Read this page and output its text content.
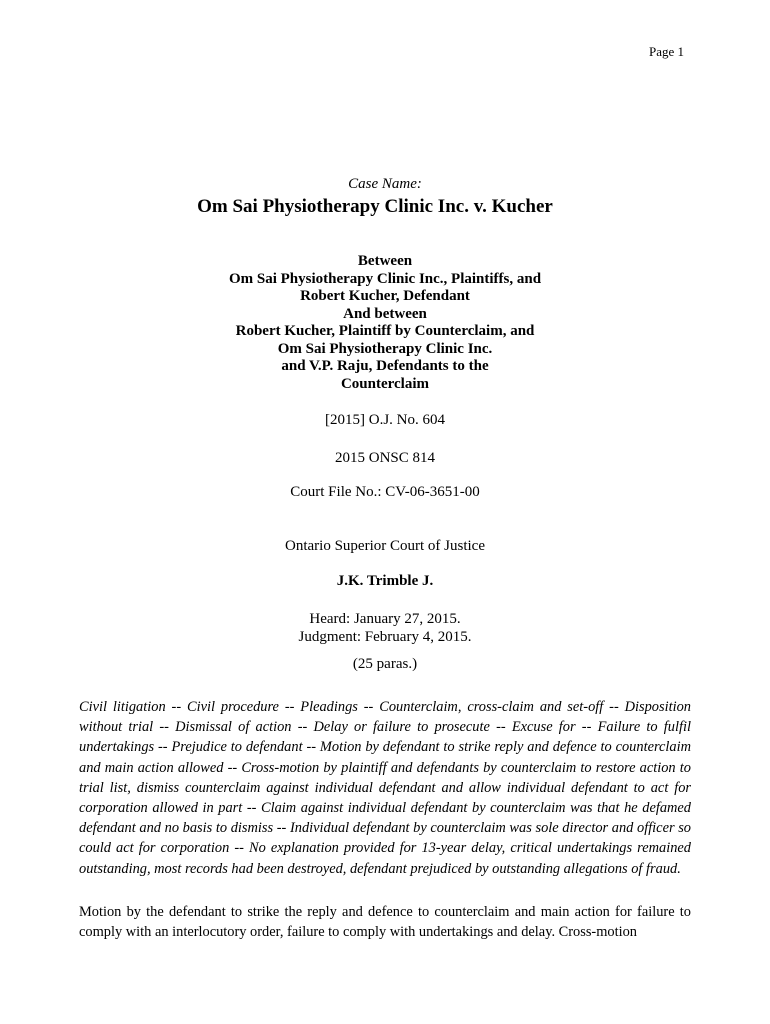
Page 1
Case Name:
Om Sai Physiotherapy Clinic Inc. v. Kucher
Between
Om Sai Physiotherapy Clinic Inc., Plaintiffs, and
Robert Kucher, Defendant
And between
Robert Kucher, Plaintiff by Counterclaim, and
Om Sai Physiotherapy Clinic Inc.
and V.P. Raju, Defendants to the
Counterclaim
[2015] O.J. No. 604
2015 ONSC 814
Court File No.: CV-06-3651-00
Ontario Superior Court of Justice
J.K. Trimble J.
Heard: January 27, 2015.
Judgment: February 4, 2015.
(25 paras.)
Civil litigation -- Civil procedure -- Pleadings -- Counterclaim, cross-claim and set-off -- Disposition without trial -- Dismissal of action -- Delay or failure to prosecute -- Excuse for -- Failure to fulfil undertakings -- Prejudice to defendant -- Motion by defendant to strike reply and defence to counterclaim and main action allowed -- Cross-motion by plaintiff and defendants by counterclaim to restore action to trial list, dismiss counterclaim against individual defendant and allow individual defendant to act for corporation allowed in part -- Claim against individual defendant by counterclaim was that he defamed defendant and no basis to dismiss -- Individual defendant by counterclaim was sole director and officer so could act for corporation -- No explanation provided for 13-year delay, critical undertakings remained outstanding, most records had been destroyed, defendant prejudiced by outstanding allegations of fraud.
Motion by the defendant to strike the reply and defence to counterclaim and main action for failure to comply with an interlocutory order, failure to comply with undertakings and delay. Cross-motion
